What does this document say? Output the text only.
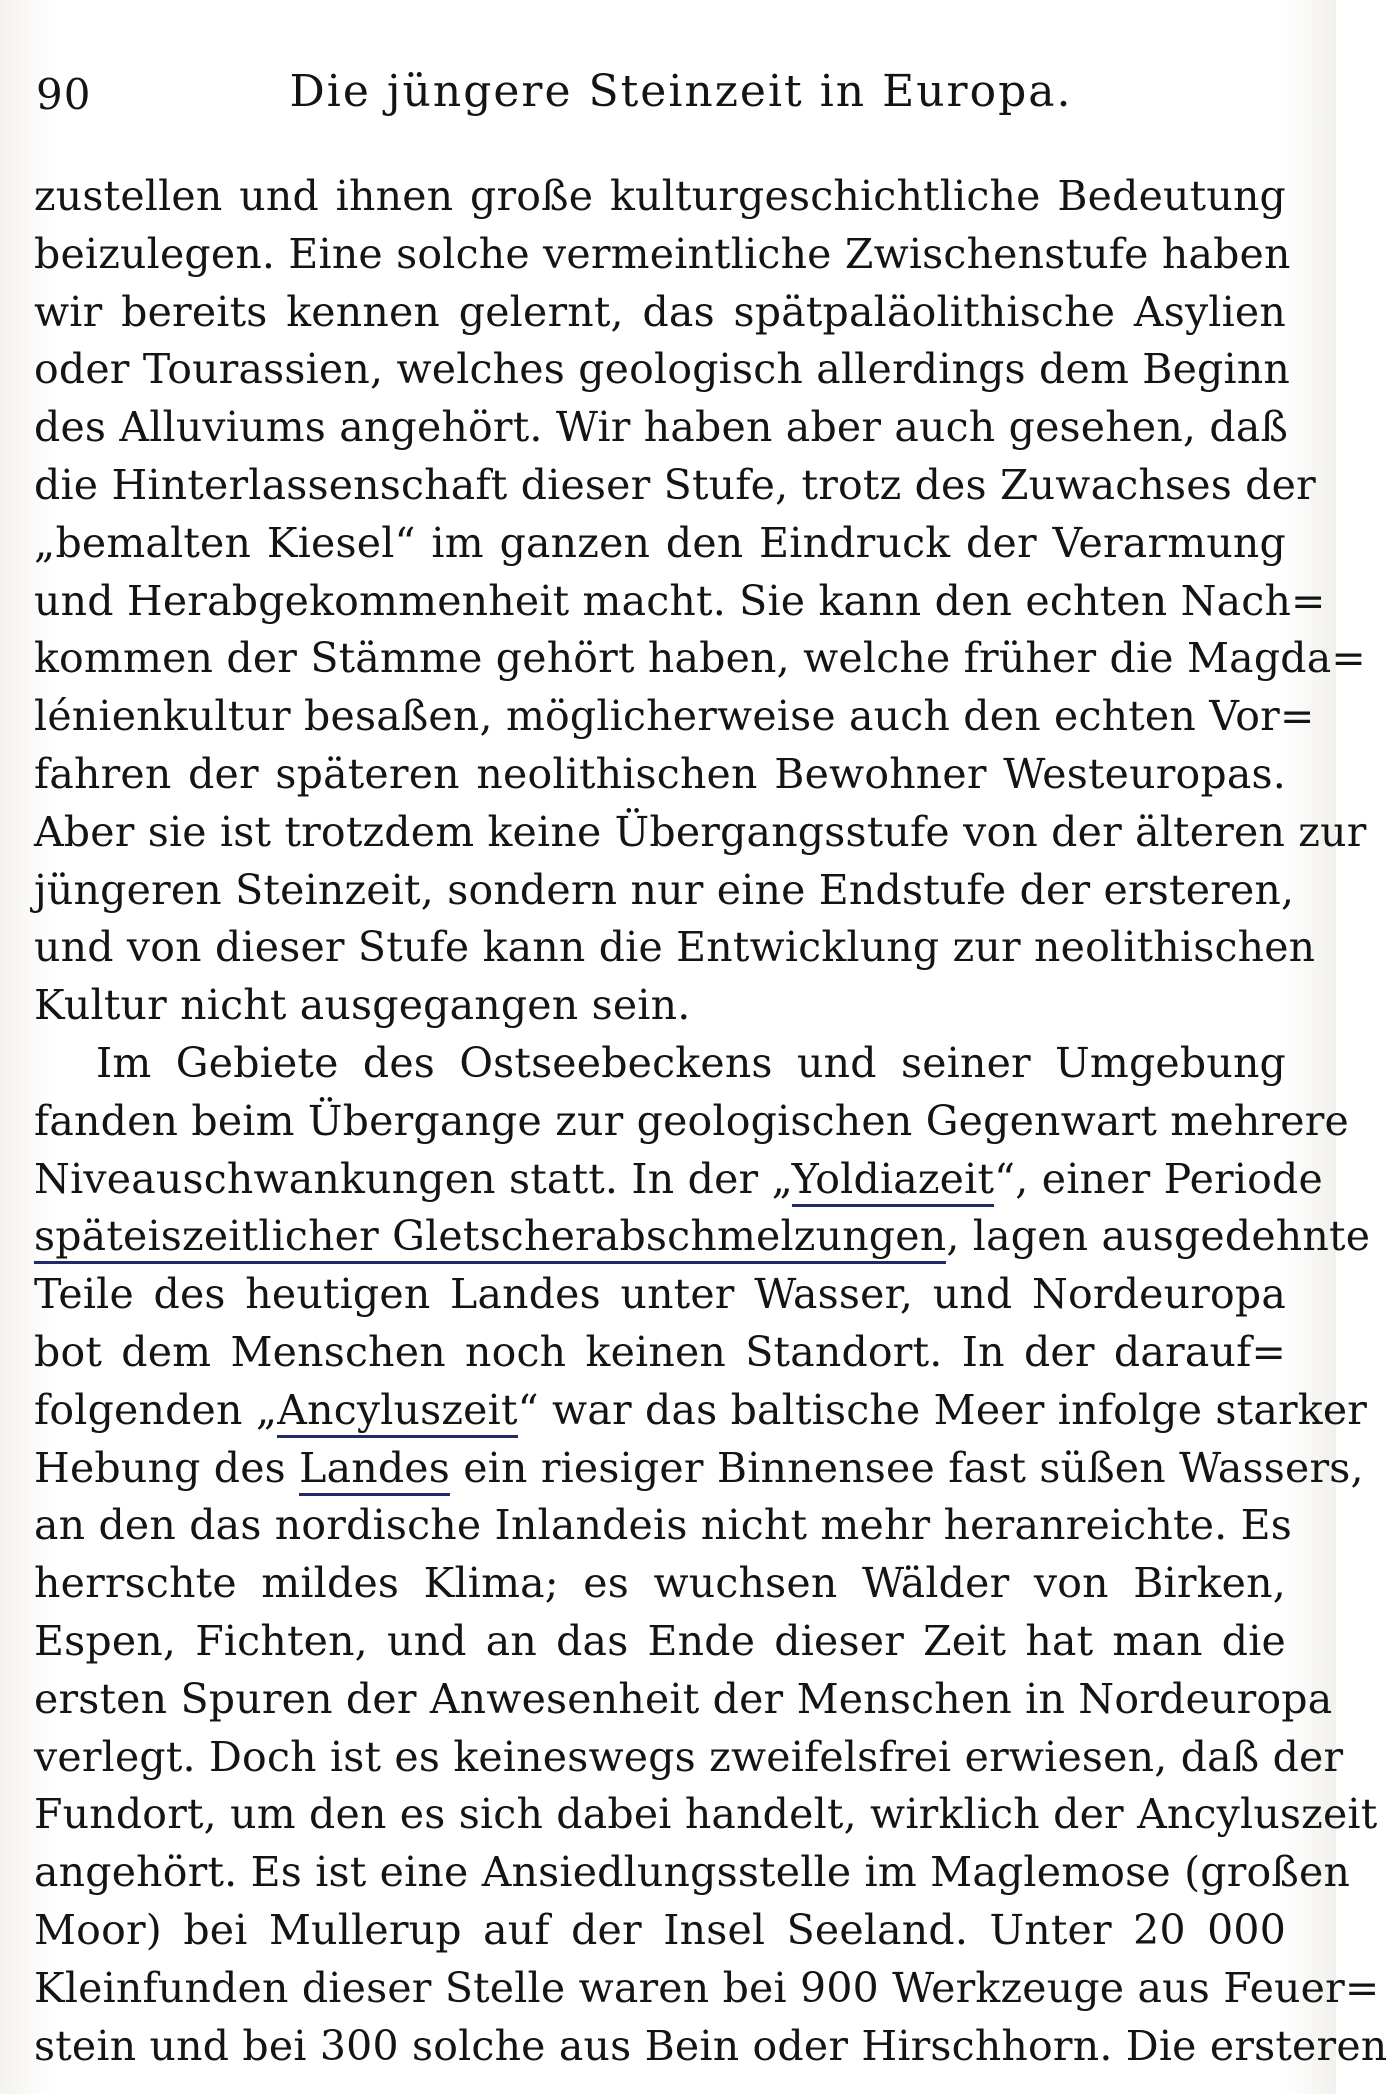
90	Die jüngere Steinzeit in Europa.
zustellen und ihnen große kulturgeschichtliche Bedeutung
beizulegen. Eine solche vermeintliche Zwischenstufe haben
wir bereits kennen gelernt, das spätpaläolithische Asylien
oder Tourassien, welches geologisch allerdings dem Beginn
des Alluviums angehört. Wir haben aber auch gesehen, daß
die Hinterlassenschaft dieser Stufe, trotz des Zuwachses der
„bemalten Kiesel“ im ganzen den Eindruck der Verarmung
und Herabgekommenheit macht. Sie kann den echten Nach=
kommen der Stämme gehört haben, welche früher die Magda=
lénienkultur besaßen, möglicherweise auch den echten Vor=
fahren der späteren neolithischen Bewohner Westeuropas.
Aber sie ist trotzdem keine Übergangsstufe von der älteren zur
jüngeren Steinzeit, sondern nur eine Endstufe der ersteren,
und von dieser Stufe kann die Entwicklung zur neolithischen
Kultur nicht ausgegangen sein.
Im Gebiete des Ostseebeckens und seiner Umgebung
fanden beim Übergange zur geologischen Gegenwart mehrere
Niveauschwankungen statt. In der „Yoldiazeit“, einer Periode
späteiszeitlicher Gletscherabschmelzungen, lagen ausgedehnte
Teile des heutigen Landes unter Wasser, und Nordeuropa
bot dem Menschen noch keinen Standort. In der darauf=
folgenden „Ancyluszeit“ war das baltische Meer infolge starker
Hebung des Landes ein riesiger Binnensee fast süßen Wassers,
an den das nordische Inlandeis nicht mehr heranreichte. Es
herrschte mildes Klima; es wuchsen Wälder von Birken,
Espen, Fichten, und an das Ende dieser Zeit hat man die
ersten Spuren der Anwesenheit der Menschen in Nordeuropa
verlegt. Doch ist es keineswegs zweifelsfrei erwiesen, daß der
Fundort, um den es sich dabei handelt, wirklich der Ancyluszeit
angehört. Es ist eine Ansiedlungsstelle im Maglemose (großen
Moor) bei Mullerup auf der Insel Seeland. Unter 20 000
Kleinfunden dieser Stelle waren bei 900 Werkzeuge aus Feuer=
stein und bei 300 solche aus Bein oder Hirschhorn. Die ersteren
